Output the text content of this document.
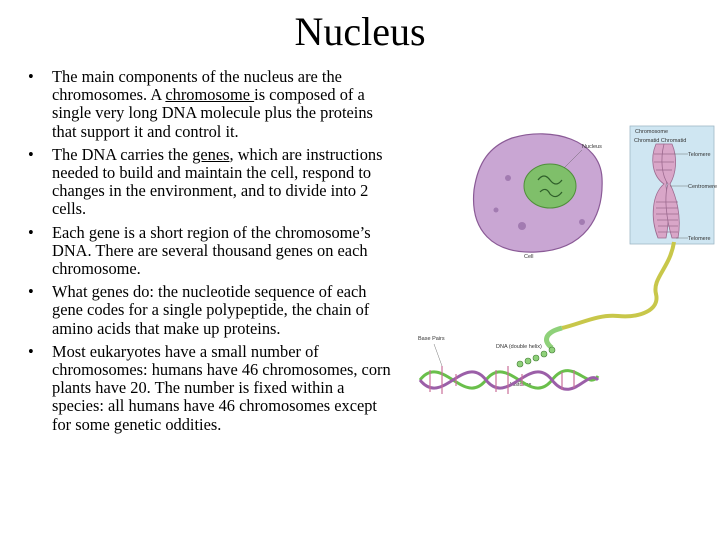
Nucleus
• The main components of the nucleus are the chromosomes. A chromosome is composed of a single very long DNA molecule plus the proteins that support it and control it.
• The DNA carries the genes, which are instructions needed to build and maintain the cell, respond to changes in the environment, and to divide into 2 cells.
• Each gene is a short region of the chromosome’s DNA. There are several thousand genes on each chromosome.
• What genes do: the nucleotide sequence of each gene codes for a single polypeptide, the chain of amino acids that make up proteins.
• Most eukaryotes have a small number of chromosomes: humans have 46 chromosomes, corn plants have 20. The number is fixed within a species: all humans have 46 chromosomes except for some genetic oddities.
Chromosome
Chromatid Chromatid
Telomere
Centromere
Telomere
Nucleus
Cell
Histones
Base Pairs
DNA (double helix)
